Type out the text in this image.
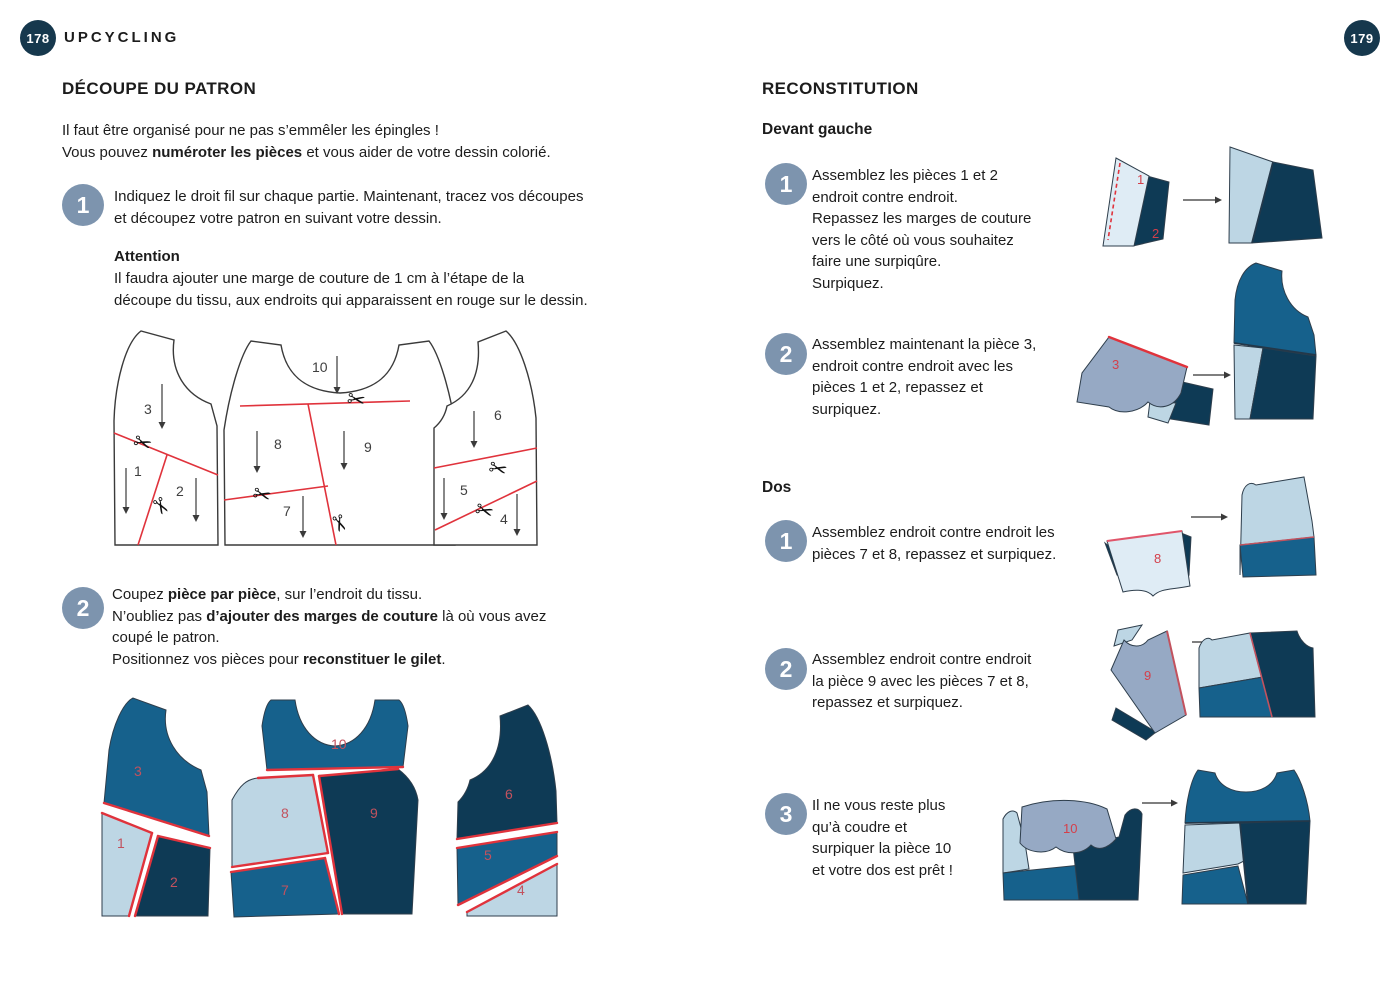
178 UPCYCLING	179
DÉCOUPE DU PATRON
Il faut être organisé pour ne pas s’emmêler les épingles !
Vous pouvez numéroter les pièces et vous aider de votre dessin colorié.
1	Indiquez le droit fil sur chaque partie. Maintenant, tracez vos découpes
et découpez votre patron en suivant votre dessin.
Attention
Il faudra ajouter une marge de couture de 1 cm à l’étape de la
découpe du tissu, aux endroits qui apparaissent en rouge sur le dessin.
✂
✂
✂
✂
✂
✂
✂
3
1
2
10
8	9
7
6
5
4
2	Coupez pièce par pièce, sur l’endroit du tissu.
N’oubliez pas d’ajouter des marges de couture là où vous avez
coupé le patron.
Positionnez vos pièces pour reconstituer le gilet.
3
1
2
10
8	9
7
6
5
4
RECONSTITUTION
Devant gauche
1	Assemblez les pièces 1 et 2
endroit contre endroit.
Repassez les marges de couture
vers le côté où vous souhaitez
faire une surpiqûre.
Surpiquez.
1
2
2	Assemblez maintenant la pièce 3,
endroit contre endroit avec les
pièces 1 et 2, repassez et
surpiquez.
3
Dos
1	Assemblez endroit contre endroit les
pièces 7 et 8, repassez et surpiquez.	8
2	Assemblez endroit contre endroit
la pièce 9 avec les pièces 7 et 8,
repassez et surpiquez.
9
3	Il ne vous reste plus
qu’à coudre et
surpiquer la pièce 10
et votre dos est prêt !
10
